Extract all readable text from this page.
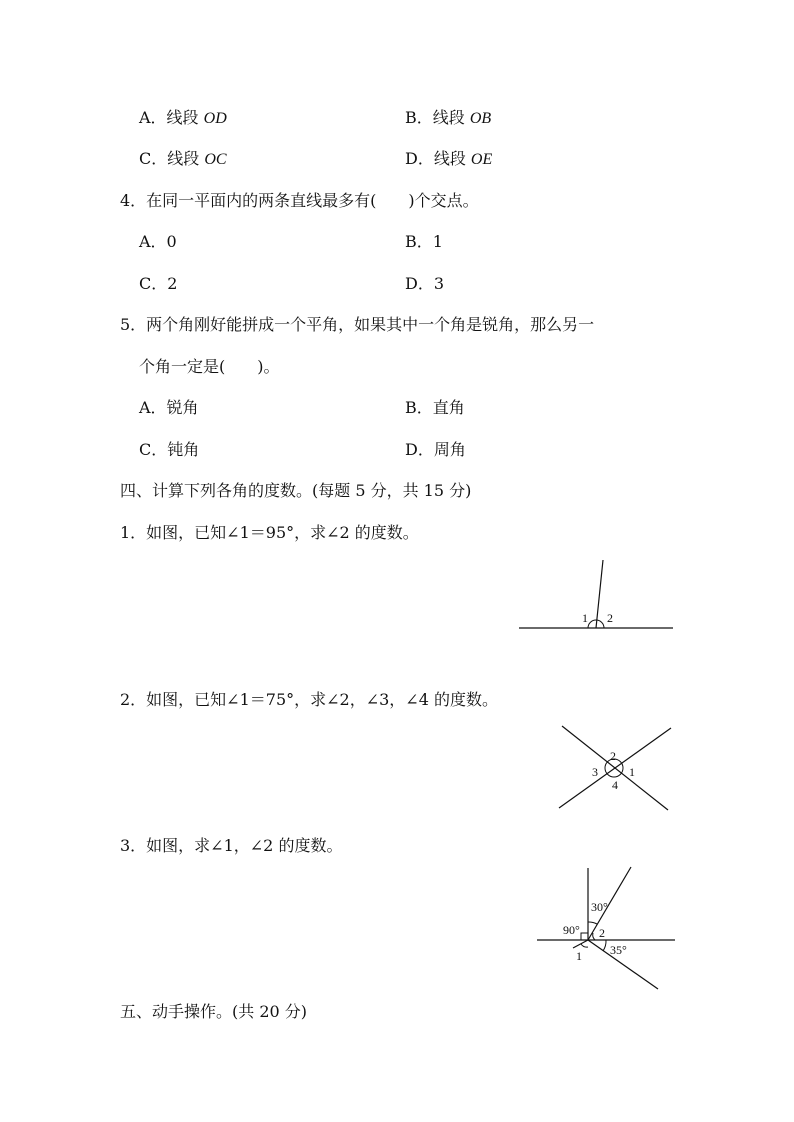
A．线段 OD	B．线段 OB
C．线段 OC	D．线段 OE
4．在同一平面内的两条直线最多有(　　)个交点。
A．0	B．1
C．2	D．3
5．两个角刚好能拼成一个平角，如果其中一个角是锐角，那么另一
个角一定是(　　)。
A．锐角	B．直角
C．钝角	D．周角
四、计算下列各角的度数。(每题 5 分，共 15 分)
1．如图，已知∠1＝95°，求∠2 的度数。
1 2
2．如图，已知∠1＝75°，求∠2，∠3，∠4 的度数。
2
3	1
4
3．如图，求∠1，∠2 的度数。
90°
30°
2
35°
1
五、动手操作。(共 20 分)
